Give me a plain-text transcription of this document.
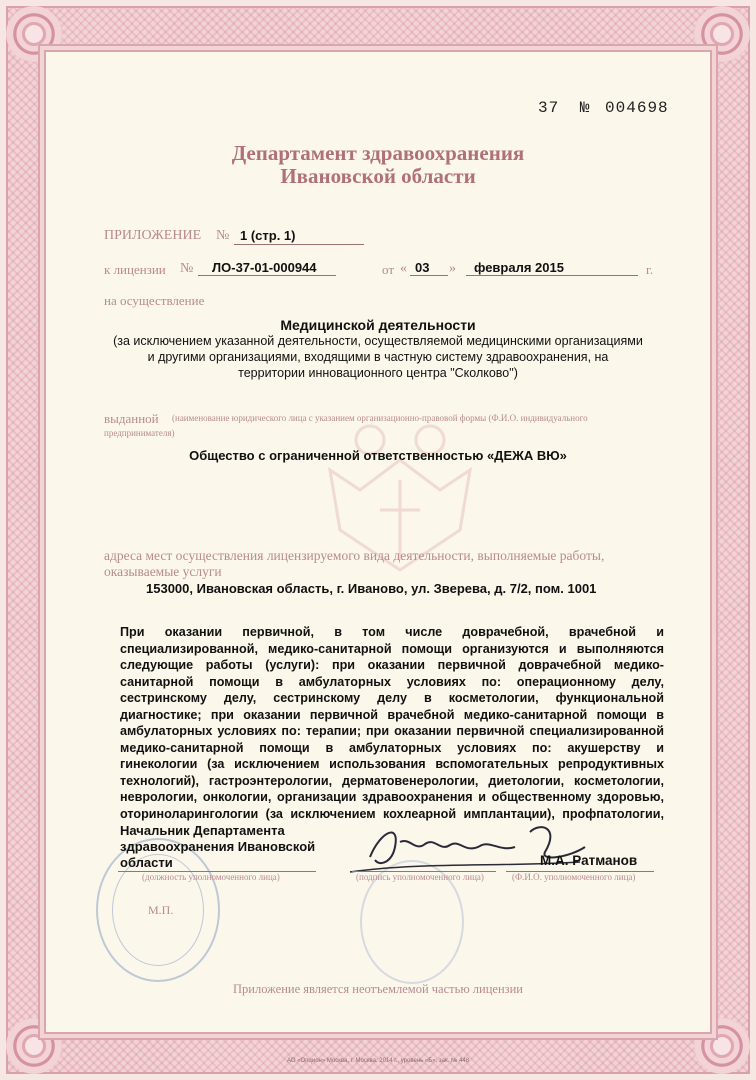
37 № 004698
Департамент здравоохранения
Ивановской области
ПРИЛОЖЕНИЕ № 1 (стр. 1)
к лицензии № ЛО-37-01-000944	от « 03 » февраля 2015	г.
на осуществление
Медицинской деятельности
(за исключением указанной деятельности, осуществляемой медицинскими организациями
и другими организациями, входящими в частную систему здравоохранения, на
территории инновационного центра "Сколково")
выданной (наименование юридического лица с указанием организационно-правовой формы (Ф.И.О. индивидуального
предпринимателя)
Общество с ограниченной ответственностью «ДЕЖА ВЮ»
адреса мест осуществления лицензируемого вида деятельности, выполняемые работы,
оказываемые услуги
153000, Ивановская область, г. Иваново, ул. Зверева, д. 7/2, пом. 1001
При оказании первичной, в том числе доврачебной, врачебной и
специализированной, медико-санитарной помощи организуются и выполняются
следующие работы (услуги): при оказании первичной доврачебной медико-
санитарной помощи в амбулаторных условиях по: операционному делу,
сестринскому делу, сестринскому делу в косметологии, функциональной
диагностике; при оказании первичной врачебной медико-санитарной помощи в
амбулаторных условиях по: терапии; при оказании первичной специализированной
медико-санитарной помощи в амбулаторных условиях по: акушерству и
гинекологии (за исключением использования вспомогательных репродуктивных
технологий), гастроэнтерологии, дерматовенерологии, диетологии, косметологии,
неврологии, онкологии, организации здравоохранения и общественному здоровью,
оториноларингологии (за исключением кохлеарной имплантации), профпатологии,
Начальник Департамента
здравоохранения Ивановской
области
(должность уполномоченного лица)	(подпись уполномоченного лица)
М.А. Ратманов
(Ф.И.О. уполномоченного лица)
М.П.
Приложение является неотъемлемой частью лицензии
АО «Опцион» Москва, г. Москва, 2014 г., уровень «Б», зак. № 448
